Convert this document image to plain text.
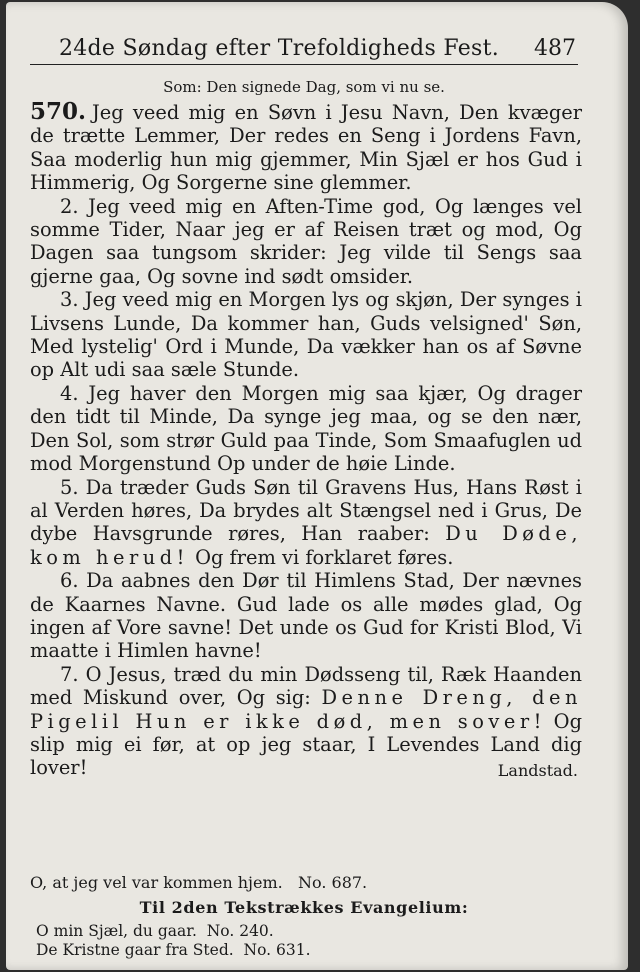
24de Søndag efter Trefoldigheds Fest.	487
Som: Den signede Dag, som vi nu se.

570. Jeg veed mig en Søvn i Jesu Navn, Den kvæger de trætte Lemmer, Der redes en Seng i Jordens Favn, Saa moderlig hun mig gjemmer, Min Sjæl er hos Gud i Himmerig, Og Sorgerne sine glemmer.

2. Jeg veed mig en Aften-Time god, Og længes vel somme Tider, Naar jeg er af Reisen træt og mod, Og Dagen saa tungsom skrider: Jeg vilde til Sengs saa gjerne gaa, Og sovne ind sødt omsider.

3. Jeg veed mig en Morgen lys og skjøn, Der synges i Livsens Lunde, Da kommer han, Guds velsigned' Søn, Med lystelig' Ord i Munde, Da vækker han os af Søvne op Alt udi saa sæle Stunde.

4. Jeg haver den Morgen mig saa kjær, Og drager den tidt til Minde, Da synge jeg maa, og se den nær, Den Sol, som strør Guld paa Tinde, Som Smaafuglen ud mod Morgenstund Op under de høie Linde.

5. Da træder Guds Søn til Gravens Hus, Hans Røst i al Verden høres, Da brydes alt Stængsel ned i Grus, De dybe Havsgrunde røres, Han raaber: Du Døde, kom herud! Og frem vi forklaret føres.

6. Da aabnes den Dør til Himlens Stad, Der nævnes de Kaarnes Navne. Gud lade os alle mødes glad, Og ingen af Vore savne! Det unde os Gud for Kristi Blod, Vi maatte i Himlen havne!

7. O Jesus, træd du min Dødsseng til, Ræk Haanden med Miskund over, Og sig: Denne Dreng, den Pigelil Hun er ikke død, men sover! Og slip mig ei før, at op jeg staar, I Levendes Land dig lover!	Landstad.

O, at jeg vel var kommen hjem. No. 687.
Til 2den Tekstrækkes Evangelium:
O min Sjæl, du gaar. No. 240.
De Kristne gaar fra Sted. No. 631.
